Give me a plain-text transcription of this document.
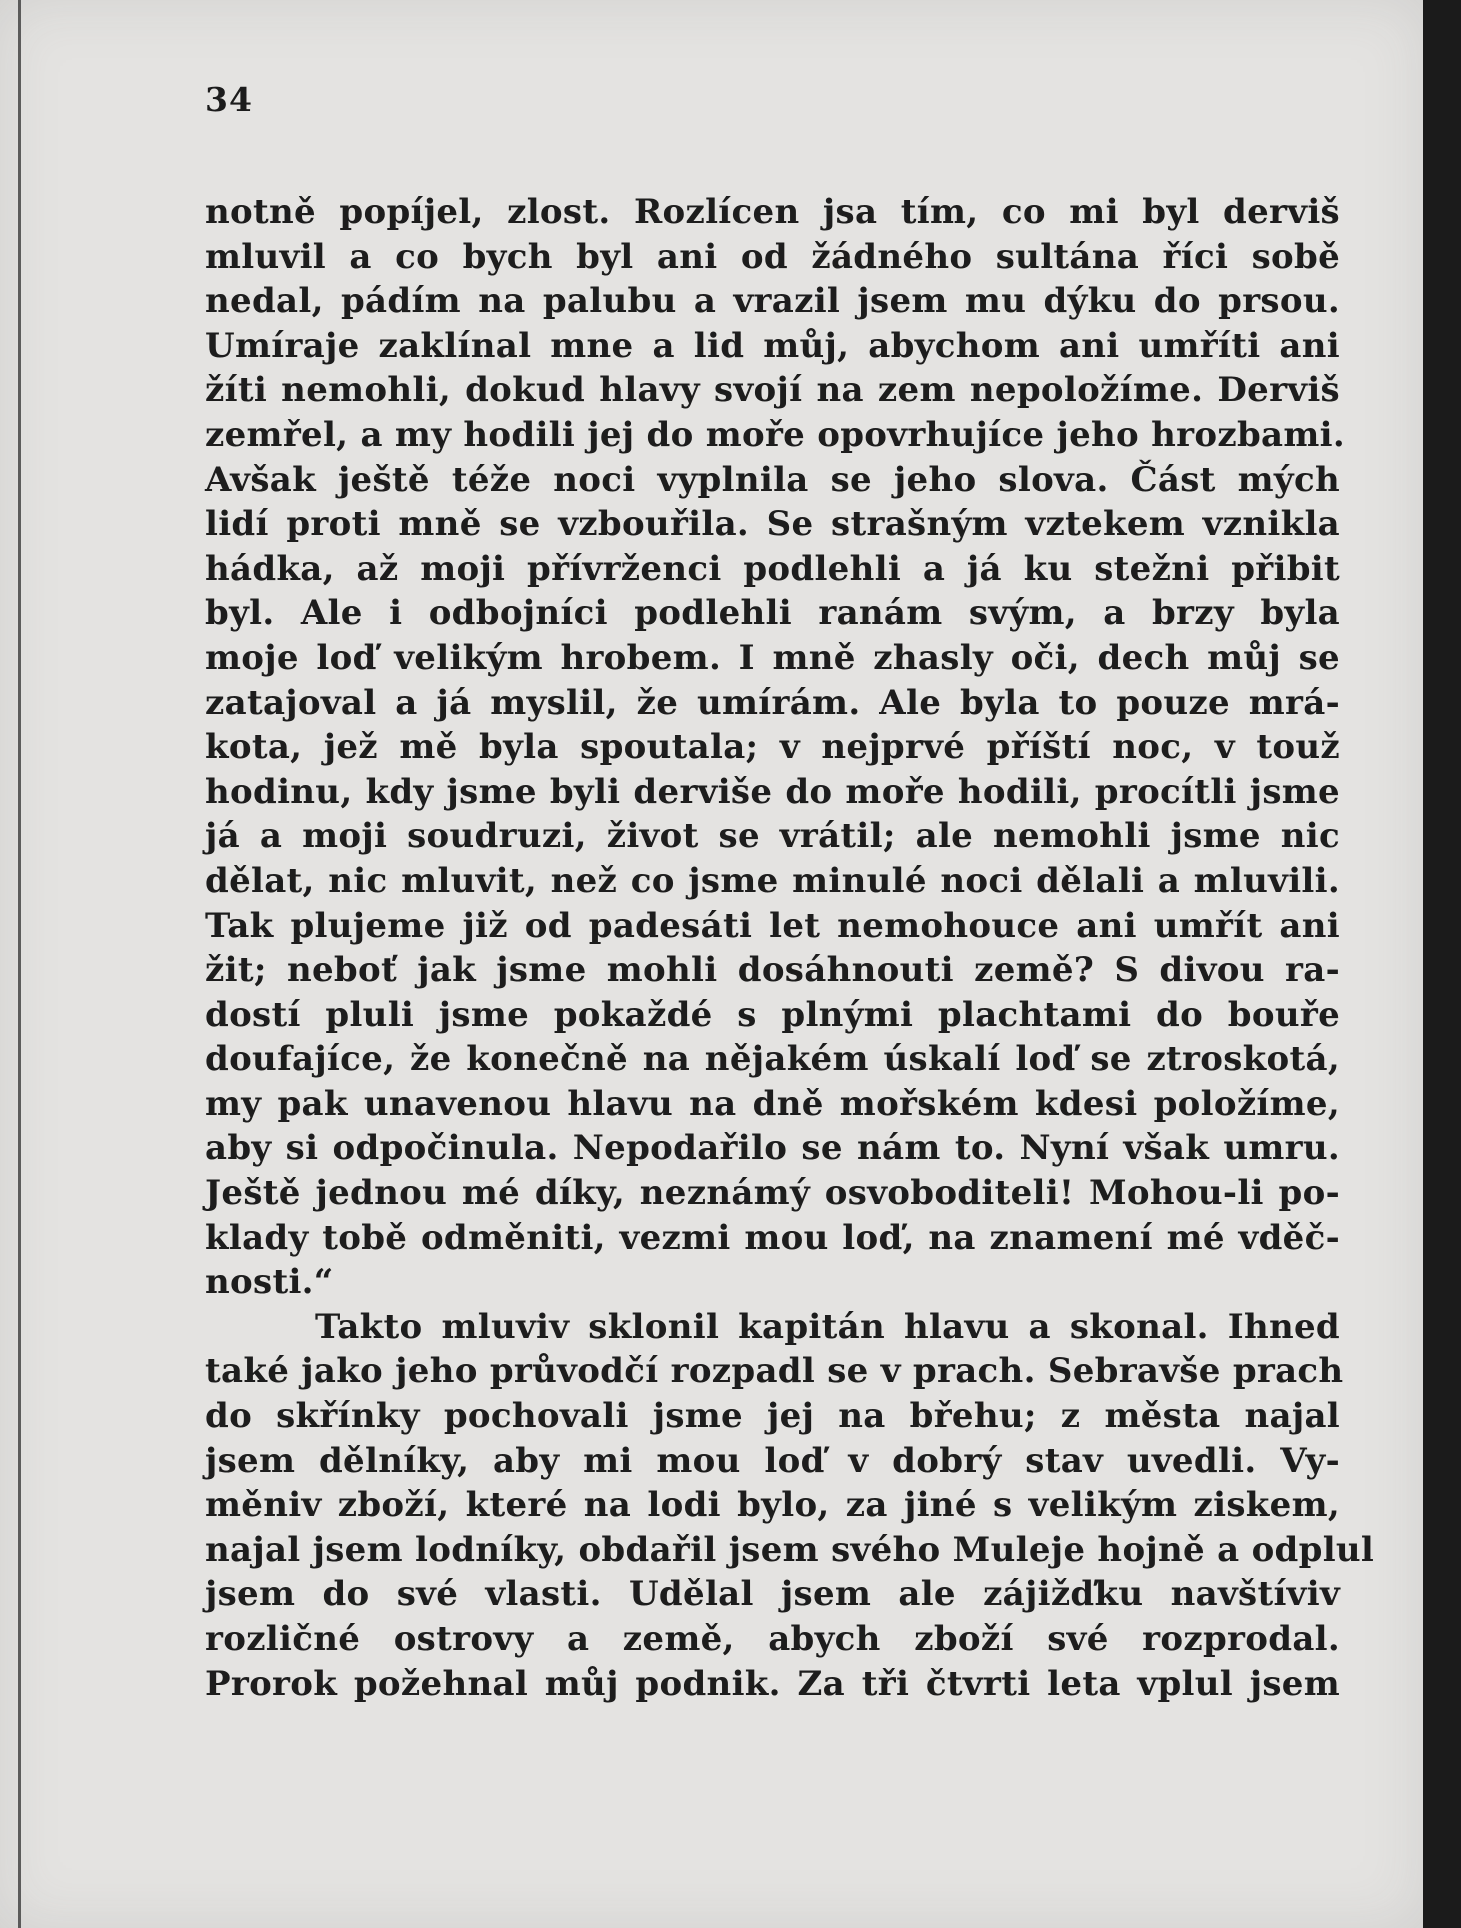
34
notně popíjel, zlost. Rozlícen jsa tím, co mi byl derviš
mluvil a co bych byl ani od žádného sultána říci sobě
nedal, pádím na palubu a vrazil jsem mu dýku do prsou.
Umíraje zaklínal mne a lid můj, abychom ani umříti ani
žíti nemohli, dokud hlavy svojí na zem nepoložíme. Derviš
zemřel, a my hodili jej do moře opovrhujíce jeho hrozbami.
Avšak ještě téže noci vyplnila se jeho slova. Část mých
lidí proti mně se vzbouřila. Se strašným vztekem vznikla
hádka, až moji přívrženci podlehli a já ku stežni přibit
byl. Ale i odbojníci podlehli ranám svým, a brzy byla
moje loď velikým hrobem. I mně zhasly oči, dech můj se
zatajoval a já myslil, že umírám. Ale byla to pouze mrá-
kota, jež mě byla spoutala; v nejprvé příští noc, v touž
hodinu, kdy jsme byli derviše do moře hodili, procítli jsme
já a moji soudruzi, život se vrátil; ale nemohli jsme nic
dělat, nic mluvit, než co jsme minulé noci dělali a mluvili.
Tak plujeme již od padesáti let nemohouce ani umřít ani
žit; neboť jak jsme mohli dosáhnouti země? S divou ra-
dostí pluli jsme pokaždé s plnými plachtami do bouře
doufajíce, že konečně na nějakém úskalí loď se ztroskotá,
my pak unavenou hlavu na dně mořském kdesi položíme,
aby si odpočinula. Nepodařilo se nám to. Nyní však umru.
Ještě jednou mé díky, neznámý osvoboditeli! Mohou-li po-
klady tobě odměniti, vezmi mou loď, na znamení mé vděč-
nosti.“
Takto mluviv sklonil kapitán hlavu a skonal. Ihned
také jako jeho průvodčí rozpadl se v prach. Sebravše prach
do skřínky pochovali jsme jej na břehu; z města najal
jsem dělníky, aby mi mou loď v dobrý stav uvedli. Vy-
měniv zboží, které na lodi bylo, za jiné s velikým ziskem,
najal jsem lodníky, obdařil jsem svého Muleje hojně a odplul
jsem do své vlasti. Udělal jsem ale zájižďku navštíviv
rozličné ostrovy a země, abych zboží své rozprodal.
Prorok požehnal můj podnik. Za tři čtvrti leta vplul jsem
